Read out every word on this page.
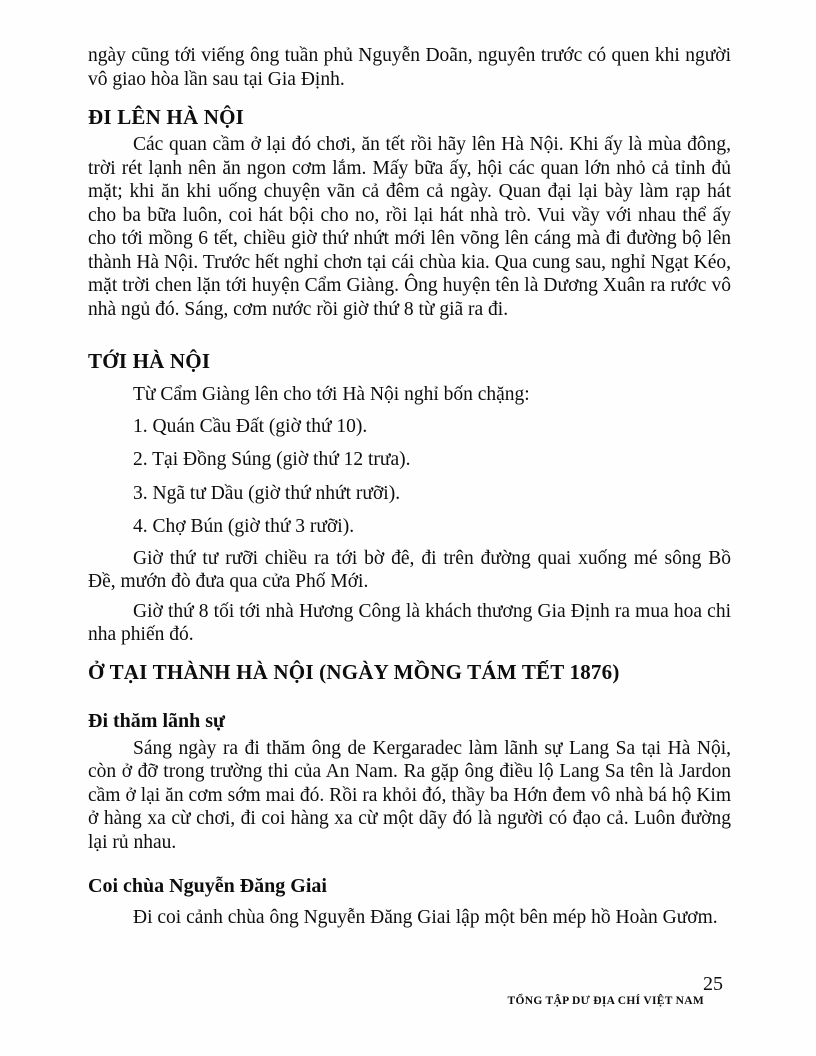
ngày cũng tới viếng ông tuần phủ Nguyễn Doãn, nguyên trước có quen khi người vô giao hòa lần sau tại Gia Định.

ĐI LÊN HÀ NỘI

Các quan cầm ở lại đó chơi, ăn tết rồi hãy lên Hà Nội. Khi ấy là mùa đông, trời rét lạnh nên ăn ngon cơm lắm. Mấy bữa ấy, hội các quan lớn nhỏ cả tỉnh đủ mặt; khi ăn khi uống chuyện vãn cả đêm cả ngày. Quan đại lại bày làm rạp hát cho ba bữa luôn, coi hát bội cho no, rồi lại hát nhà trò. Vui vầy với nhau thể ấy cho tới mồng 6 tết, chiều giờ thứ nhứt mới lên võng lên cáng mà đi đường bộ lên thành Hà Nội. Trước hết nghỉ chơn tại cái chùa kia. Qua cung sau, nghỉ Ngạt Kéo, mặt trời chen lặn tới huyện Cẩm Giàng. Ông huyện tên là Dương Xuân ra rước vô nhà ngủ đó. Sáng, cơm nước rồi giờ thứ 8 từ giã ra đi.

TỚI HÀ NỘI

Từ Cẩm Giàng lên cho tới Hà Nội nghỉ bốn chặng:

1. Quán Cầu Đất (giờ thứ 10).
2. Tại Đồng Súng (giờ thứ 12 trưa).
3. Ngã tư Dầu (giờ thứ nhứt rưỡi).
4. Chợ Bún (giờ thứ 3 rưỡi).

Giờ thứ tư rưỡi chiều ra tới bờ đê, đi trên đường quai xuống mé sông Bồ Đề, mướn đò đưa qua cửa Phố Mới.

Giờ thứ 8 tối tới nhà Hương Công là khách thương Gia Định ra mua hoa chi nha phiến đó.

Ở TẠI THÀNH HÀ NỘI (NGÀY MỒNG TÁM TẾT 1876)
Đi thăm lãnh sự

Sáng ngày ra đi thăm ông de Kergaradec làm lãnh sự Lang Sa tại Hà Nội, còn ở đỡ trong trường thi của An Nam. Ra gặp ông điều lộ Lang Sa tên là Jardon cầm ở lại ăn cơm sớm mai đó. Rồi ra khỏi đó, thầy ba Hớn đem vô nhà bá hộ Kim ở hàng xa cừ chơi, đi coi hàng xa cừ một dãy đó là người có đạo cả. Luôn đường lại rủ nhau.

Coi chùa Nguyễn Đăng Giai

Đi coi cảnh chùa ông Nguyễn Đăng Giai lập một bên mép hồ Hoàn Gươm.

25
TỔNG TẬP DƯ ĐỊA CHÍ VIỆT NAM
